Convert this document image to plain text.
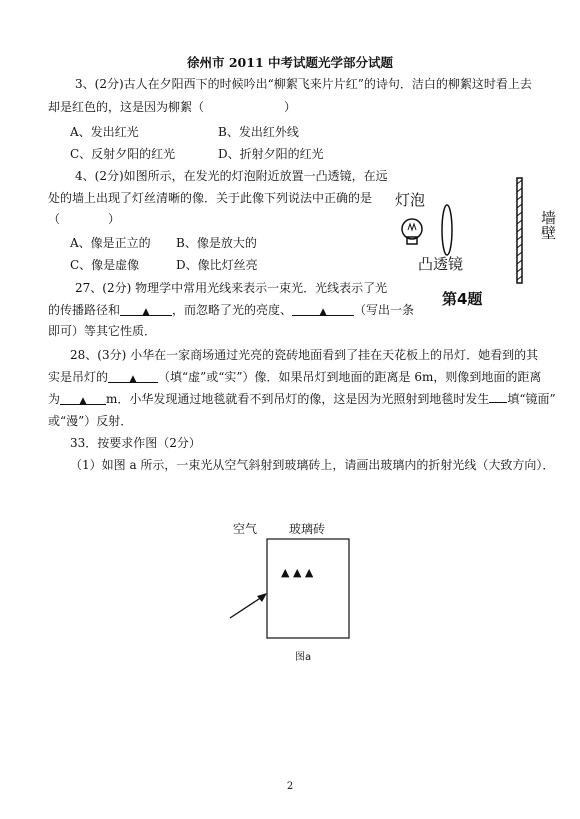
徐州市 2011 中考试题光学部分试题
3、(2分)古人在夕阳西下的时候吟出“柳絮飞来片片红”的诗句．洁白的柳絮这时看上去
却是红色的，这是因为柳絮（	）
A、发出红光	B、发出红外线
C、反射夕阳的红光	D、折射夕阳的红光
4、(2分)如图所示，在发光的灯泡附近放置一凸透镜，在远
处的墙上出现了灯丝清晰的像．关于此像下列说法中正确的是
（	）
A、像是正立的 B、像是放大的
C、像是虚像	D、像比灯丝亮
灯泡
凸透镜
墙壁
第4题
27、(2分) 物理学中常用光线来表示一束光．光线表示了光
的传播路径和	▲ ，而忽略了光的亮度、	▲ （写出一条
即可）等其它性质．
28、(3分) 小华在一家商场通过光亮的瓷砖地面看到了挂在天花板上的吊灯．她看到的其
实是吊灯的 ▲ （填“虚”或“实”）像．如果吊灯到地面的距离是 6m，则像到地面的距离
为 ▲ m．小华发现通过地毯就看不到吊灯的像，这是因为光照射到地毯时发生 填“镜面”
或“漫”）反射．
33．按要求作图（2分）
（1）如图 a 所示，一束光从空气斜射到玻璃砖上，请画出玻璃内的折射光线（大致方向）．
空气	玻璃砖
▲ ▲ ▲
图a
2
